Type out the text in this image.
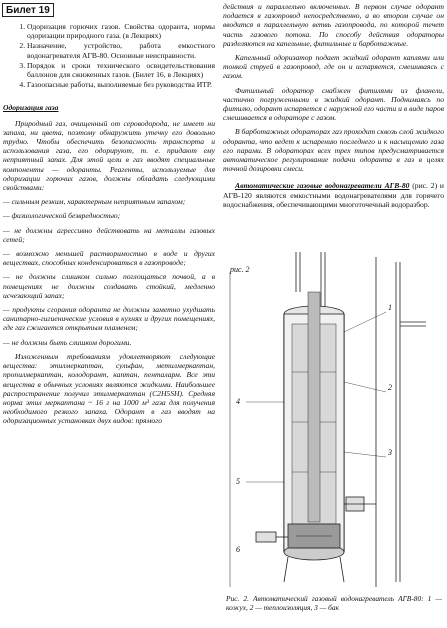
Билет 19
1. Одоризация горючих газов. Свойства одоранта, нормы одоризации природного газа. (в Лекциях)
2. Назначение, устройство, работа емкостного водонагревателя АГВ-80. Основные неисправности.
3. Порядок и сроки технического освидетельствования баллонов для сжиженных газов. (Билет 16, в Лекциях)
4. Газоопасные работы, выполняемые без руководства ИТР.
Одоризация газа

Природный газ, очищенный от сероводорода, не имеет ни запаха, ни цвета, поэтому обнаружить утечку его довольно трудно. Чтобы обеспечить безопасность транспорта и использования газа, его одорируют, т. е. придают ему неприятный запах. Для этой цели в газ вводят специальные компоненты — одоранты. Реагенты, используемые для одоризации горючих газов, должны обладать следующими свойствами:

— сильным резким, характерным неприятным запахом;

— физиологической безвредностью;

— не должны агрессивно действовать на металлы газовых сетей;

— возможно меньшей растворимостью в воде и других веществах, способных конденсироваться в газопроводе;

— не должны слишком сильно поглощаться почвой, а в помещениях не должны создавать стойкий, медленно исчезающий запах;

— продукты сгорания одоранта не должны заметно ухудшать санитарно-гигиенические условия в кухнях и других помещениях, где газ сжигается открытым пламенем;

— не должны быть слишком дорогими.

Изложенным требованиям удовлетворяют следующие вещества: этилмеркаптан, сульфан, метилмеркаптан, пропилмеркаптан, колодорант, каптан, пенталарм. Все эти вещества в обычных условиях являются жидкими. Наибольшее распространение получил этилмеркаптан (C2H5SH). Средняя норма этил меркаптана ~ 16 г на 1000 м³ газа для получения необходимого резкого запаха. Одорант в газ вводят на одоризационных установках двух видов: прямого

действия и параллельно включенных. В первом случае одорант подается в газопровод непосредственно, а во втором случае он вводится в параллельную ветвь газопровода, по которой течет часть газового потока. По способу действия одораторы разделяются на капельные, фитильные и барботажные.

Капельный одоризатор подает жидкий одорант каплями или тонкой струей в газопровод, где он и испаряется, смешиваясь с газом.

Фитильный одоратор снабжен фитилями из фланели, частично погруженными в жидкий одорант. Поднимаясь по фитилю, одорант испаряется с наружной его части и в виде паров смешивается в одораторе с газом.

В барботажных одораторах газ проходит сквозь слой жидкого одоранта, что ведет к испарению последнего и к насыщению газа его парами. В одораторах всех трех типов предусматривается автоматическое регулирование подачи одоранта в газ в целях точной дозировки смеси.

Автоматические газовые водонагреватели АГВ-80 (рис. 2) и АГВ-120 являются емкостными водонагревателями для горячего водоснабжения, обеспечивающими многоточечный водоразбор.

рис. 2
1
2
3
4
5
6
Рис. 2. Автоматический газовый водонагреватель АГВ-80: 1 — кожух, 2 — теплоизоляция, 3 — бак
